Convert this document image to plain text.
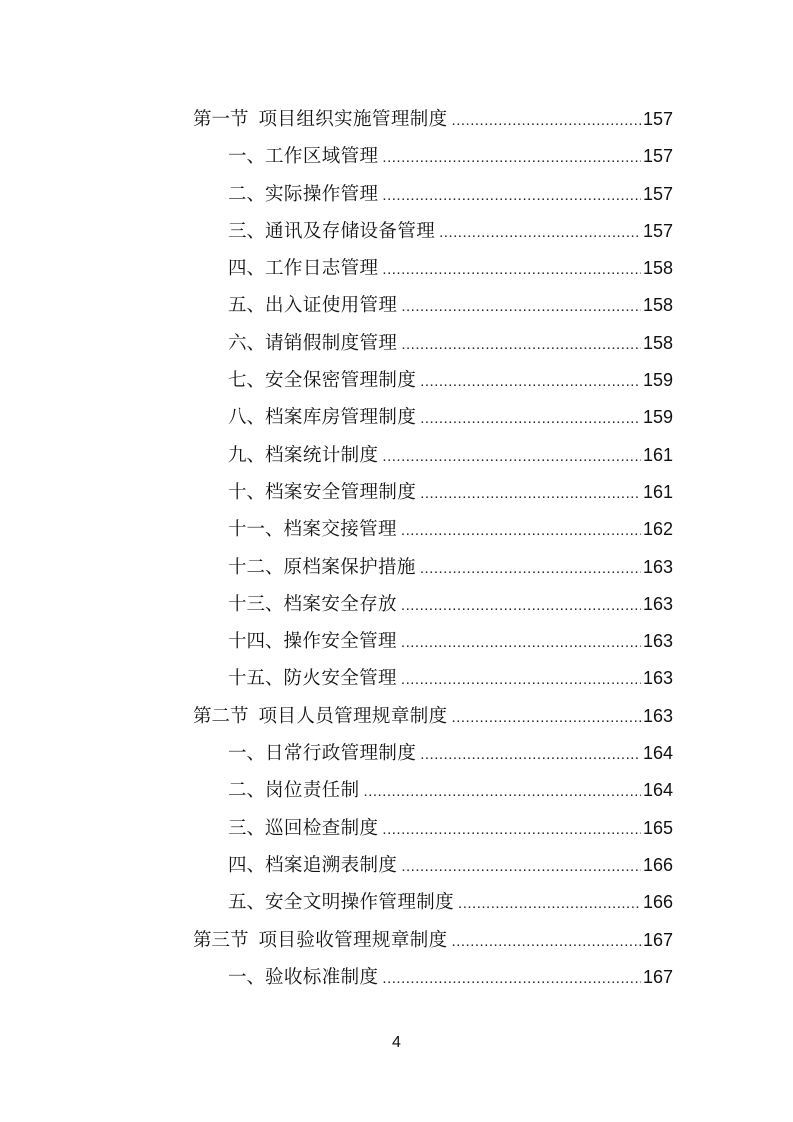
第一节 项目组织实施管理制度 .....	157
一、 工作区域管理 .....	157
二、 实际操作管理 .....	157
三、 通讯及存储设备管理 .....	157
四、 工作日志管理 .....	158
五、 出入证使用管理 .....	158
六、 请销假制度管理 .....	158
七、 安全保密管理制度 .....	159
八、 档案库房管理制度 .....	159
九、 档案统计制度 .....	161
十、 档案安全管理制度 .....	161
十一、 档案交接管理 .....	162
十二、 原档案保护措施 .....	163
十三、 档案安全存放 .....	163
十四、 操作安全管理 .....	163
十五、 防火安全管理 .....	163
第二节 项目人员管理规章制度 .....	163
一、 日常行政管理制度 .....	164
二、 岗位责任制 .....	164
三、 巡回检查制度 .....	165
四、 档案追溯表制度 .....	166
五、 安全文明操作管理制度 .....	166
第三节 项目验收管理规章制度 .....	167
一、 验收标准制度 .....	167
4
